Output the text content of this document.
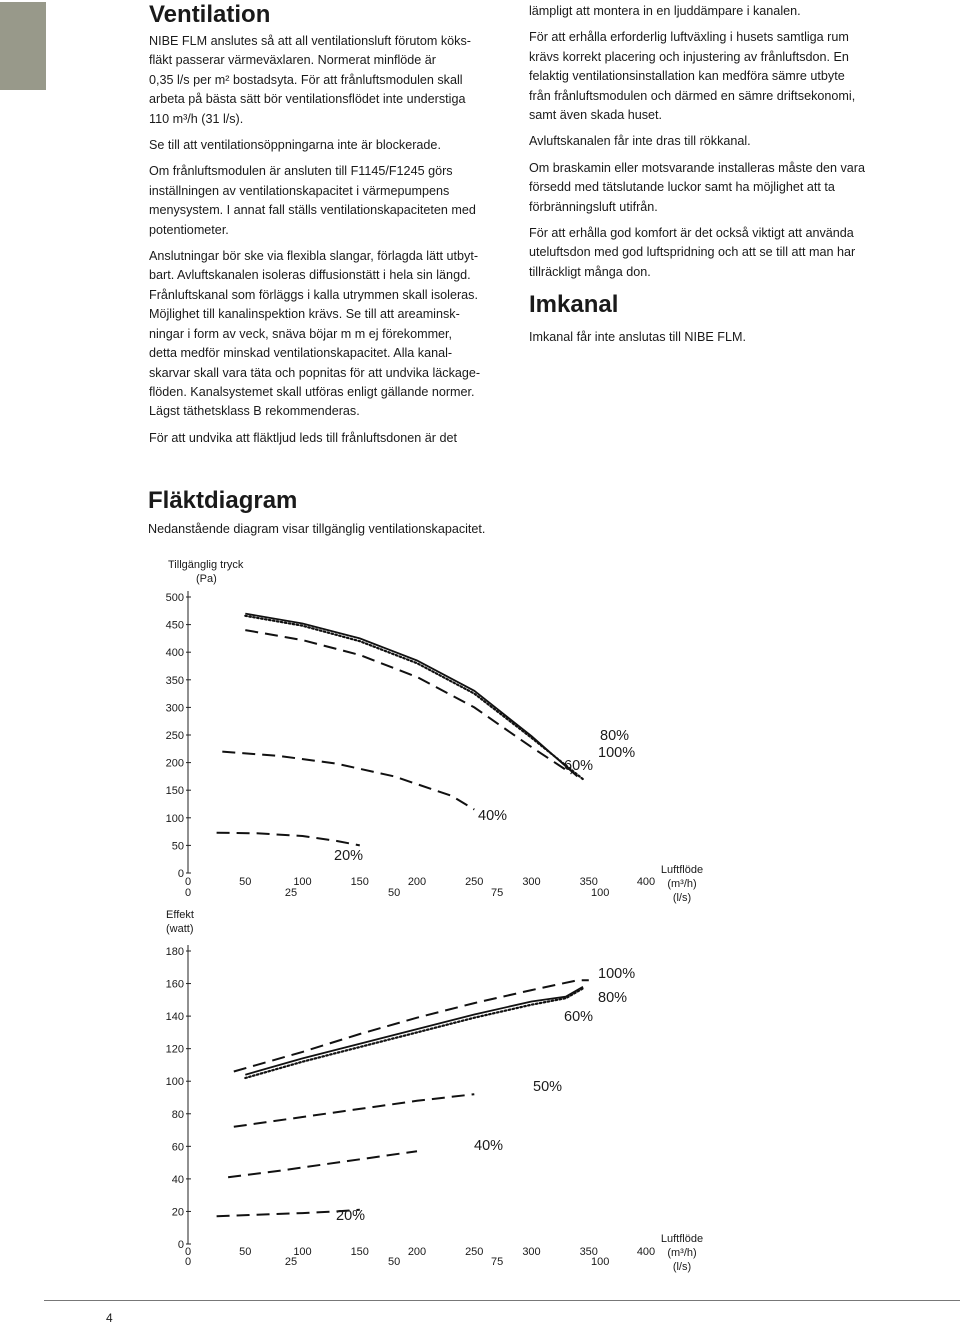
Ventilation

NIBE FLM anslutes så att all ventilationsluft förutom köks-
fläkt passerar värmeväxlaren. Normerat minflöde är
0,35 l/s per m² bostadsyta. För att frånluftsmodulen skall
arbeta på bästa sätt bör ventilationsflödet inte understiga
110 m³/h (31 l/s).

Se till att ventilationsöppningarna inte är blockerade.

Om frånluftsmodulen är ansluten till F1145/F1245 görs
inställningen av ventilationskapacitet i värmepumpens
menysystem. I annat fall ställs ventilationskapaciteten med
potentiometer.

Anslutningar bör ske via flexibla slangar, förlagda lätt utbyt-
bart. Avluftskanalen isoleras diffusionstätt i hela sin längd.
Frånluftskanal som förläggs i kalla utrymmen skall isoleras.
Möjlighet till kanalinspektion krävs. Se till att areaminsk-
ningar i form av veck, snäva böjar m m ej förekommer,
detta medför minskad ventilationskapacitet. Alla kanal-
skarvar skall vara täta och popnitas för att undvika läckage-
flöden. Kanalsystemet skall utföras enligt gällande normer.
Lägst täthetsklass B rekommenderas.

För att undvika att fläktljud leds till frånluftsdonen är det

lämpligt att montera in en ljuddämpare i kanalen.

För att erhålla erforderlig luftväxling i husets samtliga rum
krävs korrekt placering och injustering av frånluftsdon. En
felaktig ventilationsinstallation kan medföra sämre utbyte
från frånluftsmodulen och därmed en sämre driftsekonomi,
samt även skada huset.

Avluftskanalen får inte dras till rökkanal.

Om braskamin eller motsvarande installeras måste den vara
försedd med tätslutande luckor samt ha möjlighet att ta
förbränningsluft utifrån.

För att erhålla god komfort är det också viktigt att använda
uteluftsdon med god luftspridning och att se till att man har
tillräckligt många don.

Imkanal

Imkanal får inte anslutas till NIBE FLM.

Fläktdiagram
Nedanstående diagram visar tillgänglig ventilationskapacitet.
500
450
400
350
300
250
200
150
100
50
0
0	50	100	150	200	250	300	350	400
0	25	50	75	100
Tillgänglig tryck
(Pa)
Luftflöde
(m³/h)
(l/s)
80%
100%
60%
40%
20%
180
160
140
120
100
80
60
40
20
0
0	50	100	150	200	250	300	350	400
0	25	50	75	100
Effekt
(watt)
Luftflöde
(m³/h)
(l/s)
100%
80%
60%
50%
40%
20%
4
